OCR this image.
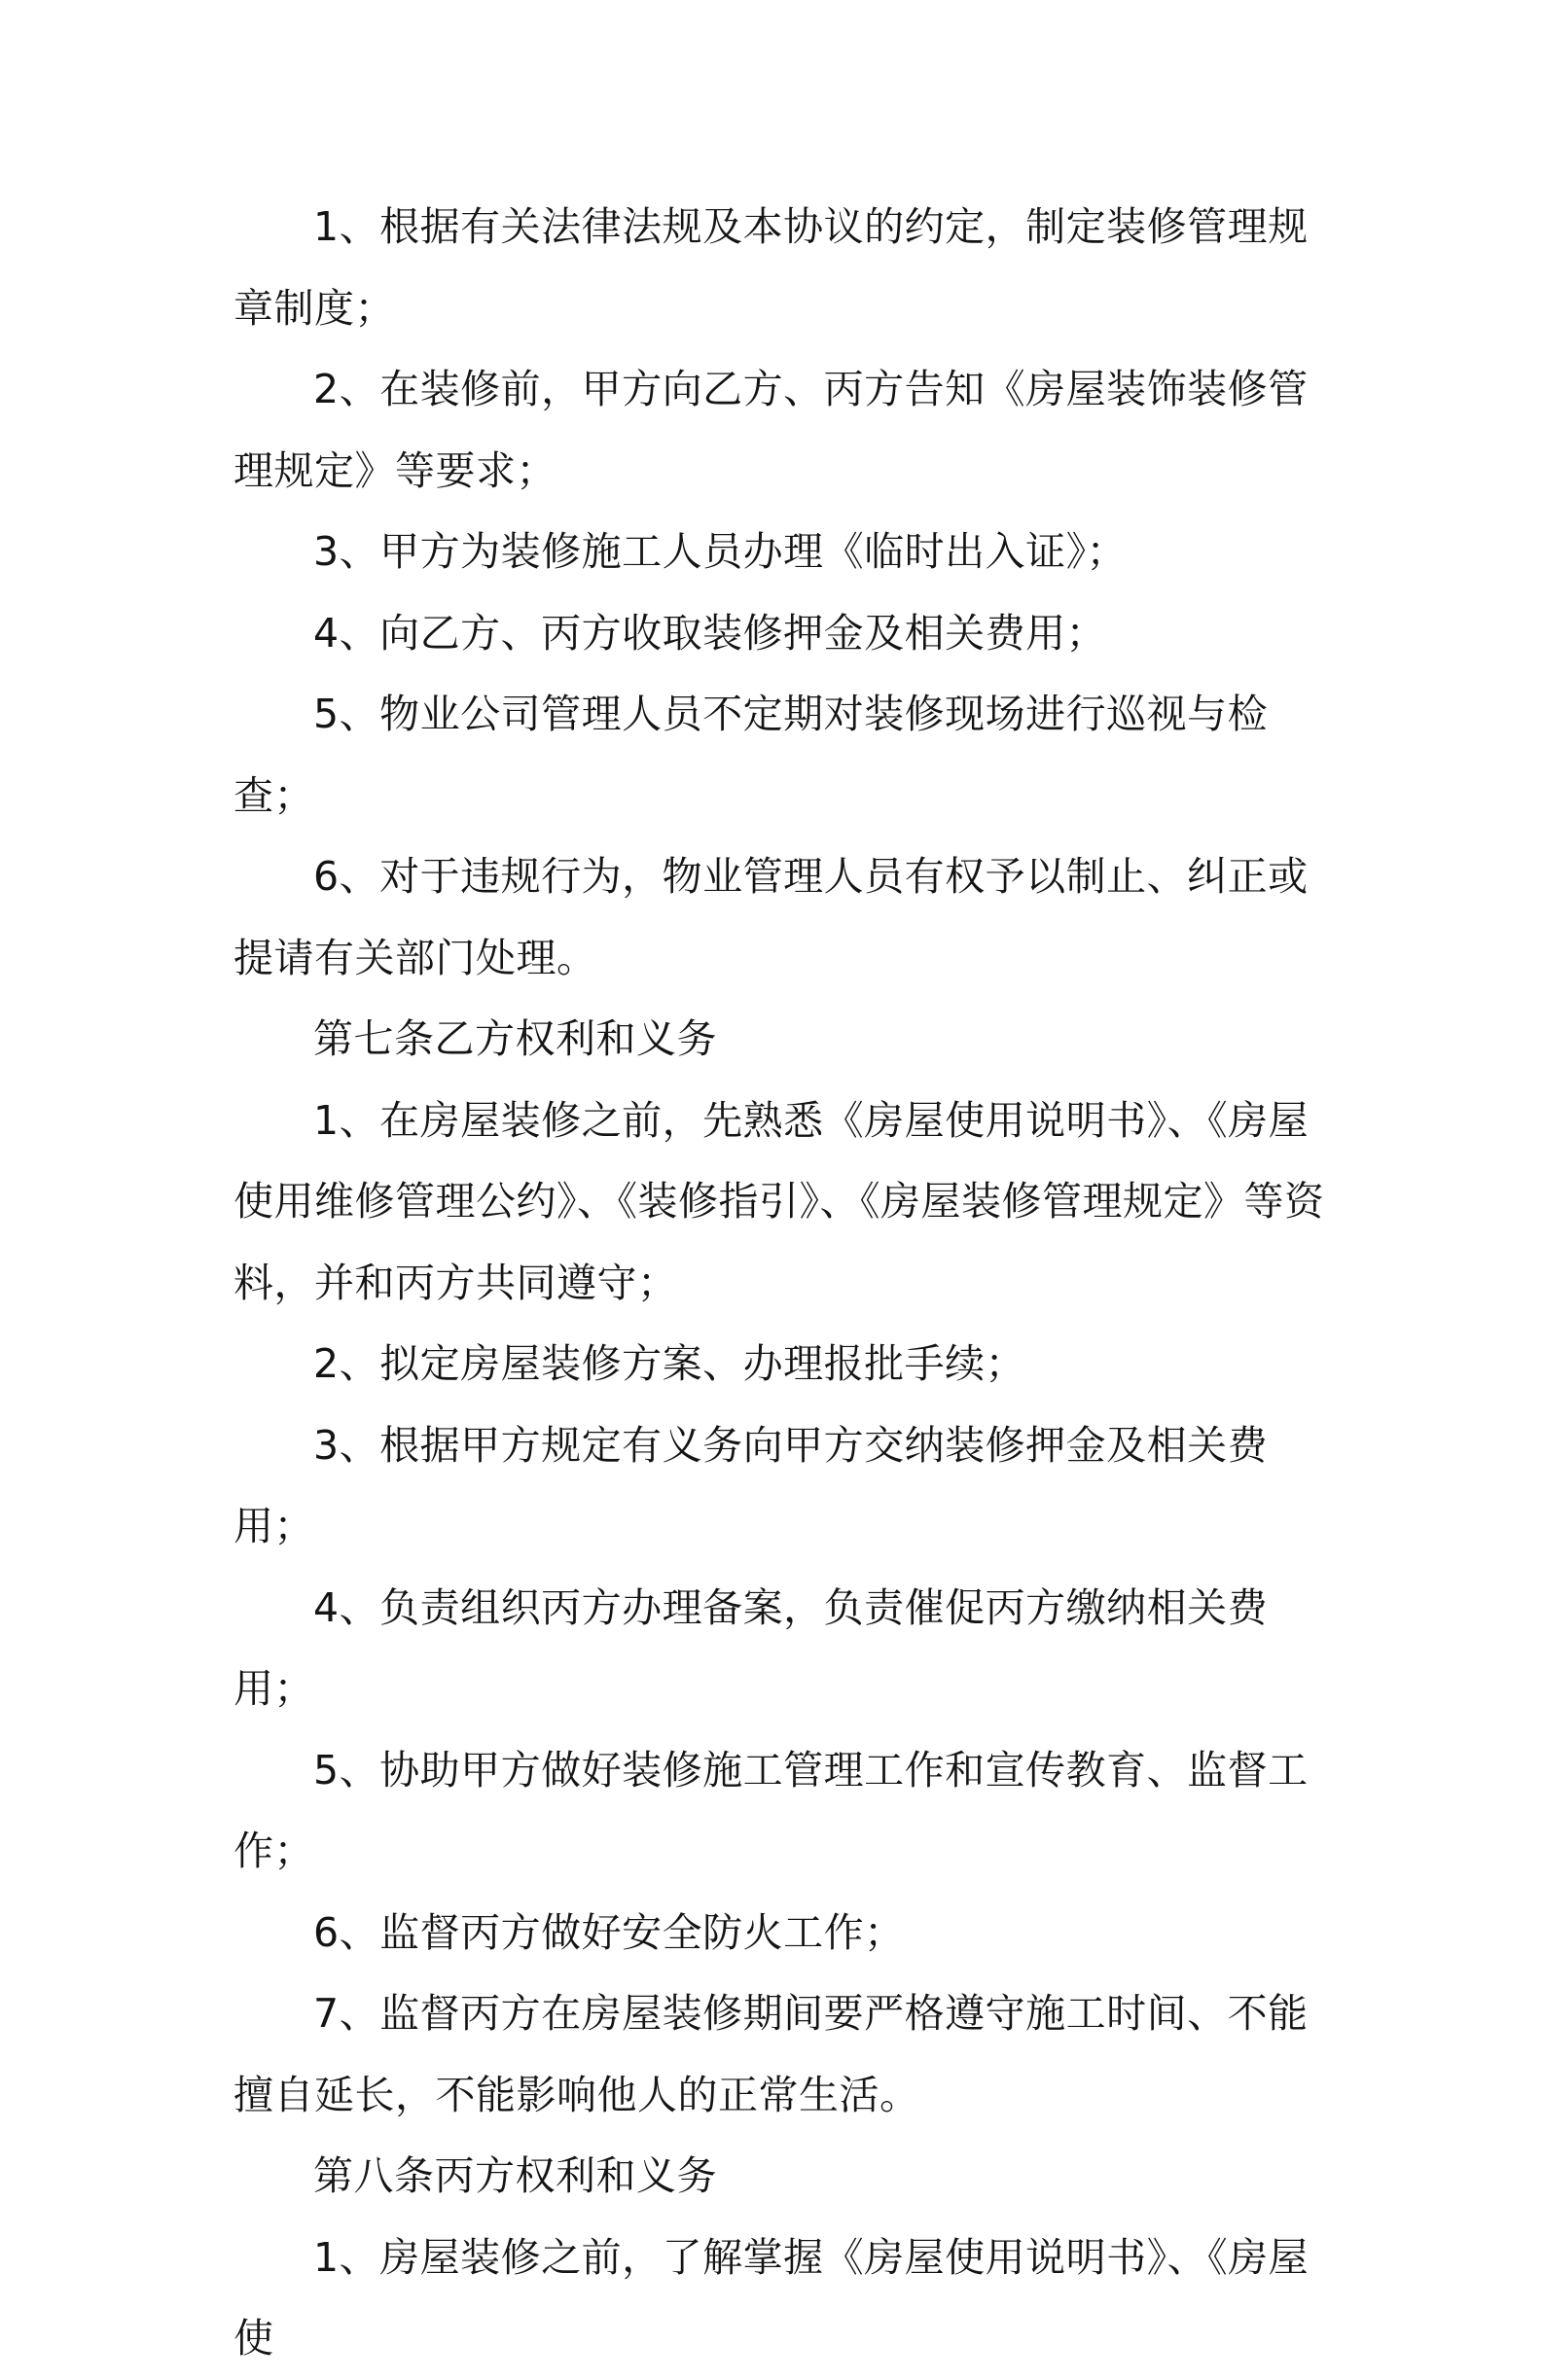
1、根据有关法律法规及本协议的约定，制定装修管理规章制度；

2、在装修前，甲方向乙方、丙方告知《房屋装饰装修管理规定》等要求；

3、甲方为装修施工人员办理《临时出入证》；

4、向乙方、丙方收取装修押金及相关费用；

5、物业公司管理人员不定期对装修现场进行巡视与检查；

6、对于违规行为，物业管理人员有权予以制止、纠正或提请有关部门处理。

第七条乙方权利和义务

1、在房屋装修之前，先熟悉《房屋使用说明书》、《房屋使用维修管理公约》、《装修指引》、《房屋装修管理规定》等资料，并和丙方共同遵守；

2、拟定房屋装修方案、办理报批手续；

3、根据甲方规定有义务向甲方交纳装修押金及相关费用；

4、负责组织丙方办理备案，负责催促丙方缴纳相关费用；

5、协助甲方做好装修施工管理工作和宣传教育、监督工作；

6、监督丙方做好安全防火工作；

7、监督丙方在房屋装修期间要严格遵守施工时间、不能擅自延长，不能影响他人的正常生活。

第八条丙方权利和义务

1、房屋装修之前，了解掌握《房屋使用说明书》、《房屋使
